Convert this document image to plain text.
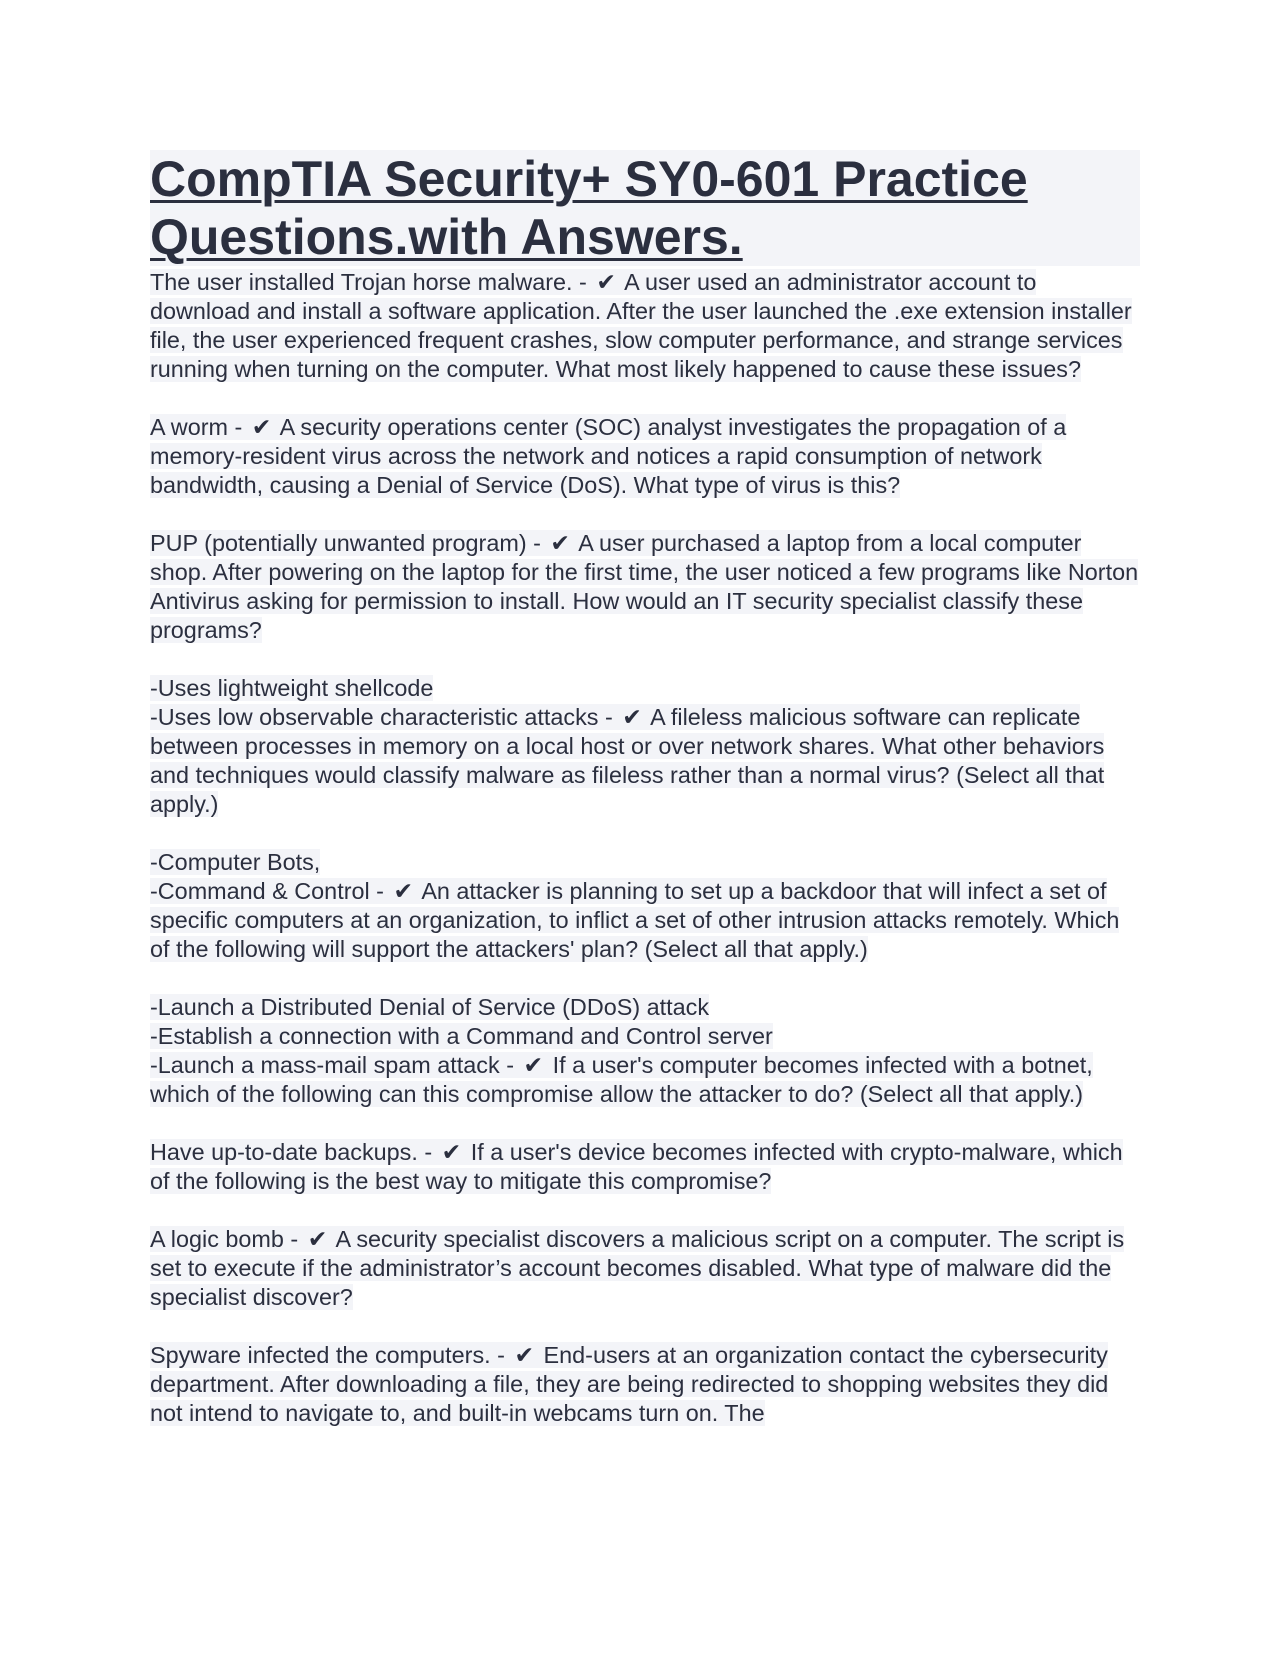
CompTIA Security+ SY0-601 Practice Questions.with Answers.
The user installed Trojan horse malware. - ✔ A user used an administrator account to download and install a software application. After the user launched the .exe extension installer file, the user experienced frequent crashes, slow computer performance, and strange services running when turning on the computer. What most likely happened to cause these issues?
A worm - ✔ A security operations center (SOC) analyst investigates the propagation of a memory-resident virus across the network and notices a rapid consumption of network bandwidth, causing a Denial of Service (DoS). What type of virus is this?
PUP (potentially unwanted program) - ✔ A user purchased a laptop from a local computer shop. After powering on the laptop for the first time, the user noticed a few programs like Norton Antivirus asking for permission to install. How would an IT security specialist classify these programs?
-Uses lightweight shellcode
-Uses low observable characteristic attacks - ✔ A fileless malicious software can replicate between processes in memory on a local host or over network shares. What other behaviors and techniques would classify malware as fileless rather than a normal virus? (Select all that apply.)
-Computer Bots,
-Command & Control - ✔ An attacker is planning to set up a backdoor that will infect a set of specific computers at an organization, to inflict a set of other intrusion attacks remotely. Which of the following will support the attackers' plan? (Select all that apply.)
-Launch a Distributed Denial of Service (DDoS) attack
-Establish a connection with a Command and Control server
-Launch a mass-mail spam attack - ✔ If a user's computer becomes infected with a botnet, which of the following can this compromise allow the attacker to do? (Select all that apply.)
Have up-to-date backups. - ✔ If a user's device becomes infected with crypto-malware, which of the following is the best way to mitigate this compromise?
A logic bomb - ✔ A security specialist discovers a malicious script on a computer. The script is set to execute if the administrator’s account becomes disabled. What type of malware did the specialist discover?
Spyware infected the computers. - ✔ End-users at an organization contact the cybersecurity department. After downloading a file, they are being redirected to shopping websites they did not intend to navigate to, and built-in webcams turn on. The
